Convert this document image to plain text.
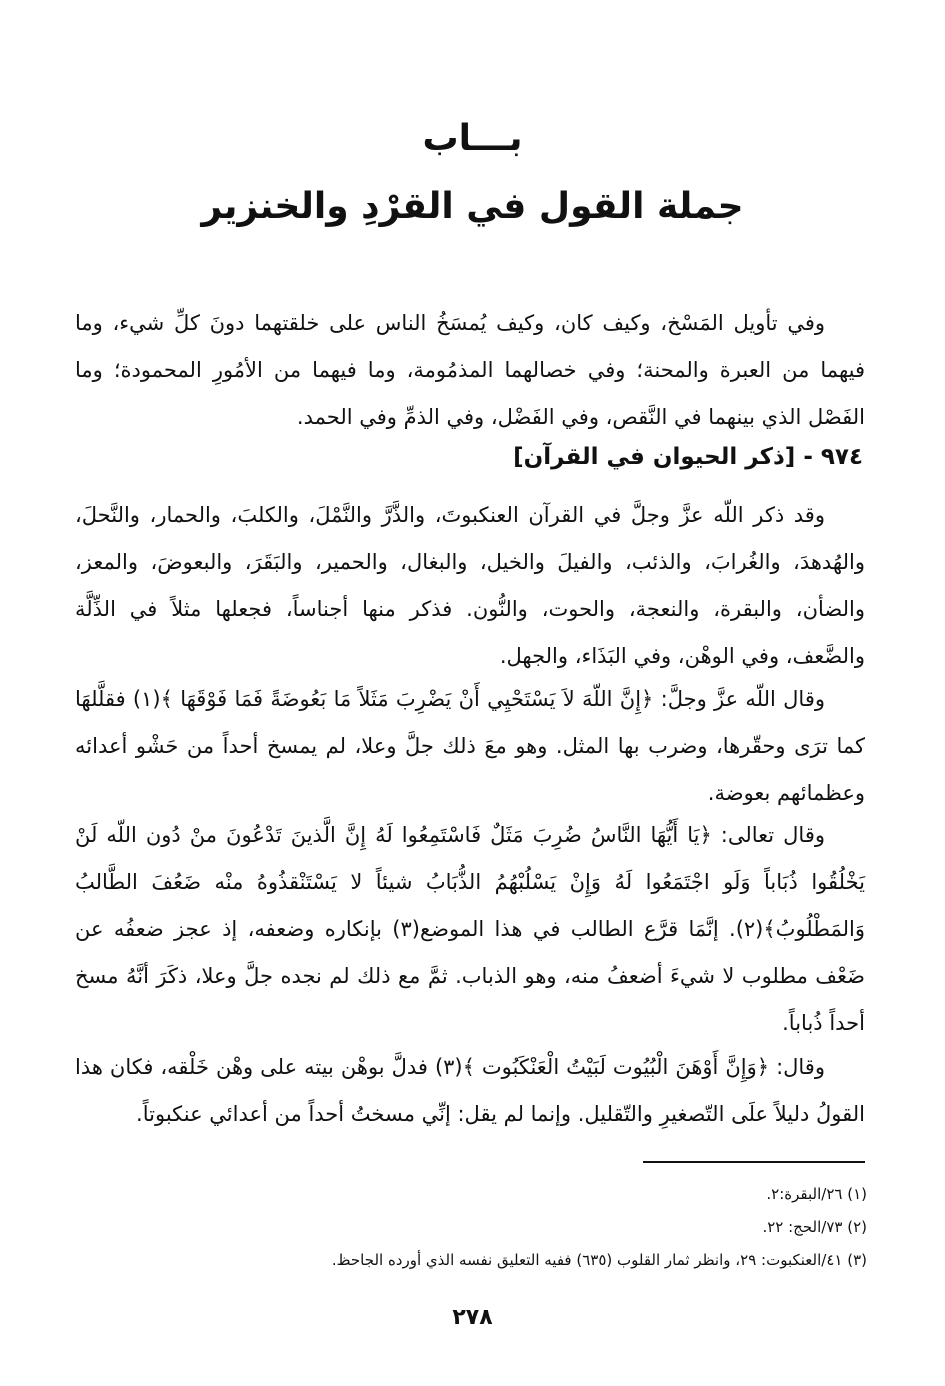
بـــاب
جملة القول في القرْدِ والخنزير

وفي تأويل المَسْخ، وكيف كان، وكيف يُمسَخُ الناس على خلقتهما دونَ كلِّ شيء، وما فيهما من العبرة والمحنة؛ وفي خصالهما المذمُومة، وما فيهما من الأمُورِ المحمودة؛ وما الفَصْل الذي بينهما في النَّقص، وفي الفَضْل، وفي الذمِّ وفي الحمد.

٩٧٤ - [ذكر الحيوان في القرآن]

وقد ذكر اللّه عزَّ وجلَّ في القرآن العنكبوتَ، والذَّرَّ والنَّمْلَ، والكلبَ، والحمار، والنَّحلَ، والهُدهدَ، والغُرابَ، والذئب، والفيلَ والخيل، والبغال، والحمير، والبَقَرَ، والبعوضَ، والمعز، والضأن، والبقرة، والنعجة، والحوت، والنُّون. فذكر منها أجناساً، فجعلها مثلاً في الذِّلَّة والضَّعف، وفي الوهْن، وفي البَذَاء، والجهل.

وقال اللّه عزَّ وجلَّ: ﴿إِنَّ اللّهَ لاَ يَسْتَحْيِي أَنْ يَضْرِبَ مَثَلاً مَا بَعُوضَةً فَمَا فَوْقَهَا ﴾(١) فقلَّلهَا كما ترَى وحقّرها، وضرب بها المثل. وهو معَ ذلك جلَّ وعلا، لم يمسخ أحداً من حَشْو أعدائه وعظمائهم بعوضة.

وقال تعالى: ﴿يَا أَيُّهَا النَّاسُ ضُرِبَ مَثَلٌ فَاسْتَمِعُوا لَهُ إِنَّ الَّذينَ تَدْعُونَ منْ دُون اللّه لَنْ يَخْلُقُوا ذُبَاباً وَلَو اجْتَمَعُوا لَهُ وَإِنْ يَسْلُبْهُمُ الذُّبَابُ شيئاً لا يَسْتَنْقذُوهُ منْه ضَعُفَ الطَّالبُ وَالمَطْلُوبُ﴾(٢). إنَّمَا قرَّع الطالب في هذا الموضع(٣) بإنكاره وضعفه، إذ عجز ضعفُه عن ضَعْف مطلوب لا شيءَ أضعفُ منه، وهو الذباب. ثمَّ مع ذلك لم نجده جلَّ وعلا، ذكَرَ أنَّهُ مسخ أحداً ذُباباً.

وقال: ﴿وَإِنَّ أَوْهَنَ الْبُيُوت لَبَيْتُ الْعَنْكَبُوت ﴾(٣) فدلَّ بوهْن بيته على وهْن خَلْقه، فكان هذا القولُ دليلاً علَى التّصغيرِ والتّقليل. وإنما لم يقل: إنِّي مسختُ أحداً من أعدائي عنكبوتاً.

(١) ٢٦/البقرة:٢.
(٢) ٧٣/الحج: ٢٢.
(٣) ٤١/العنكبوت: ٢٩، وانظر ثمار القلوب (٦٣٥) ففيه التعليق نفسه الذي أورده الجاحظ.
٢٧٨
